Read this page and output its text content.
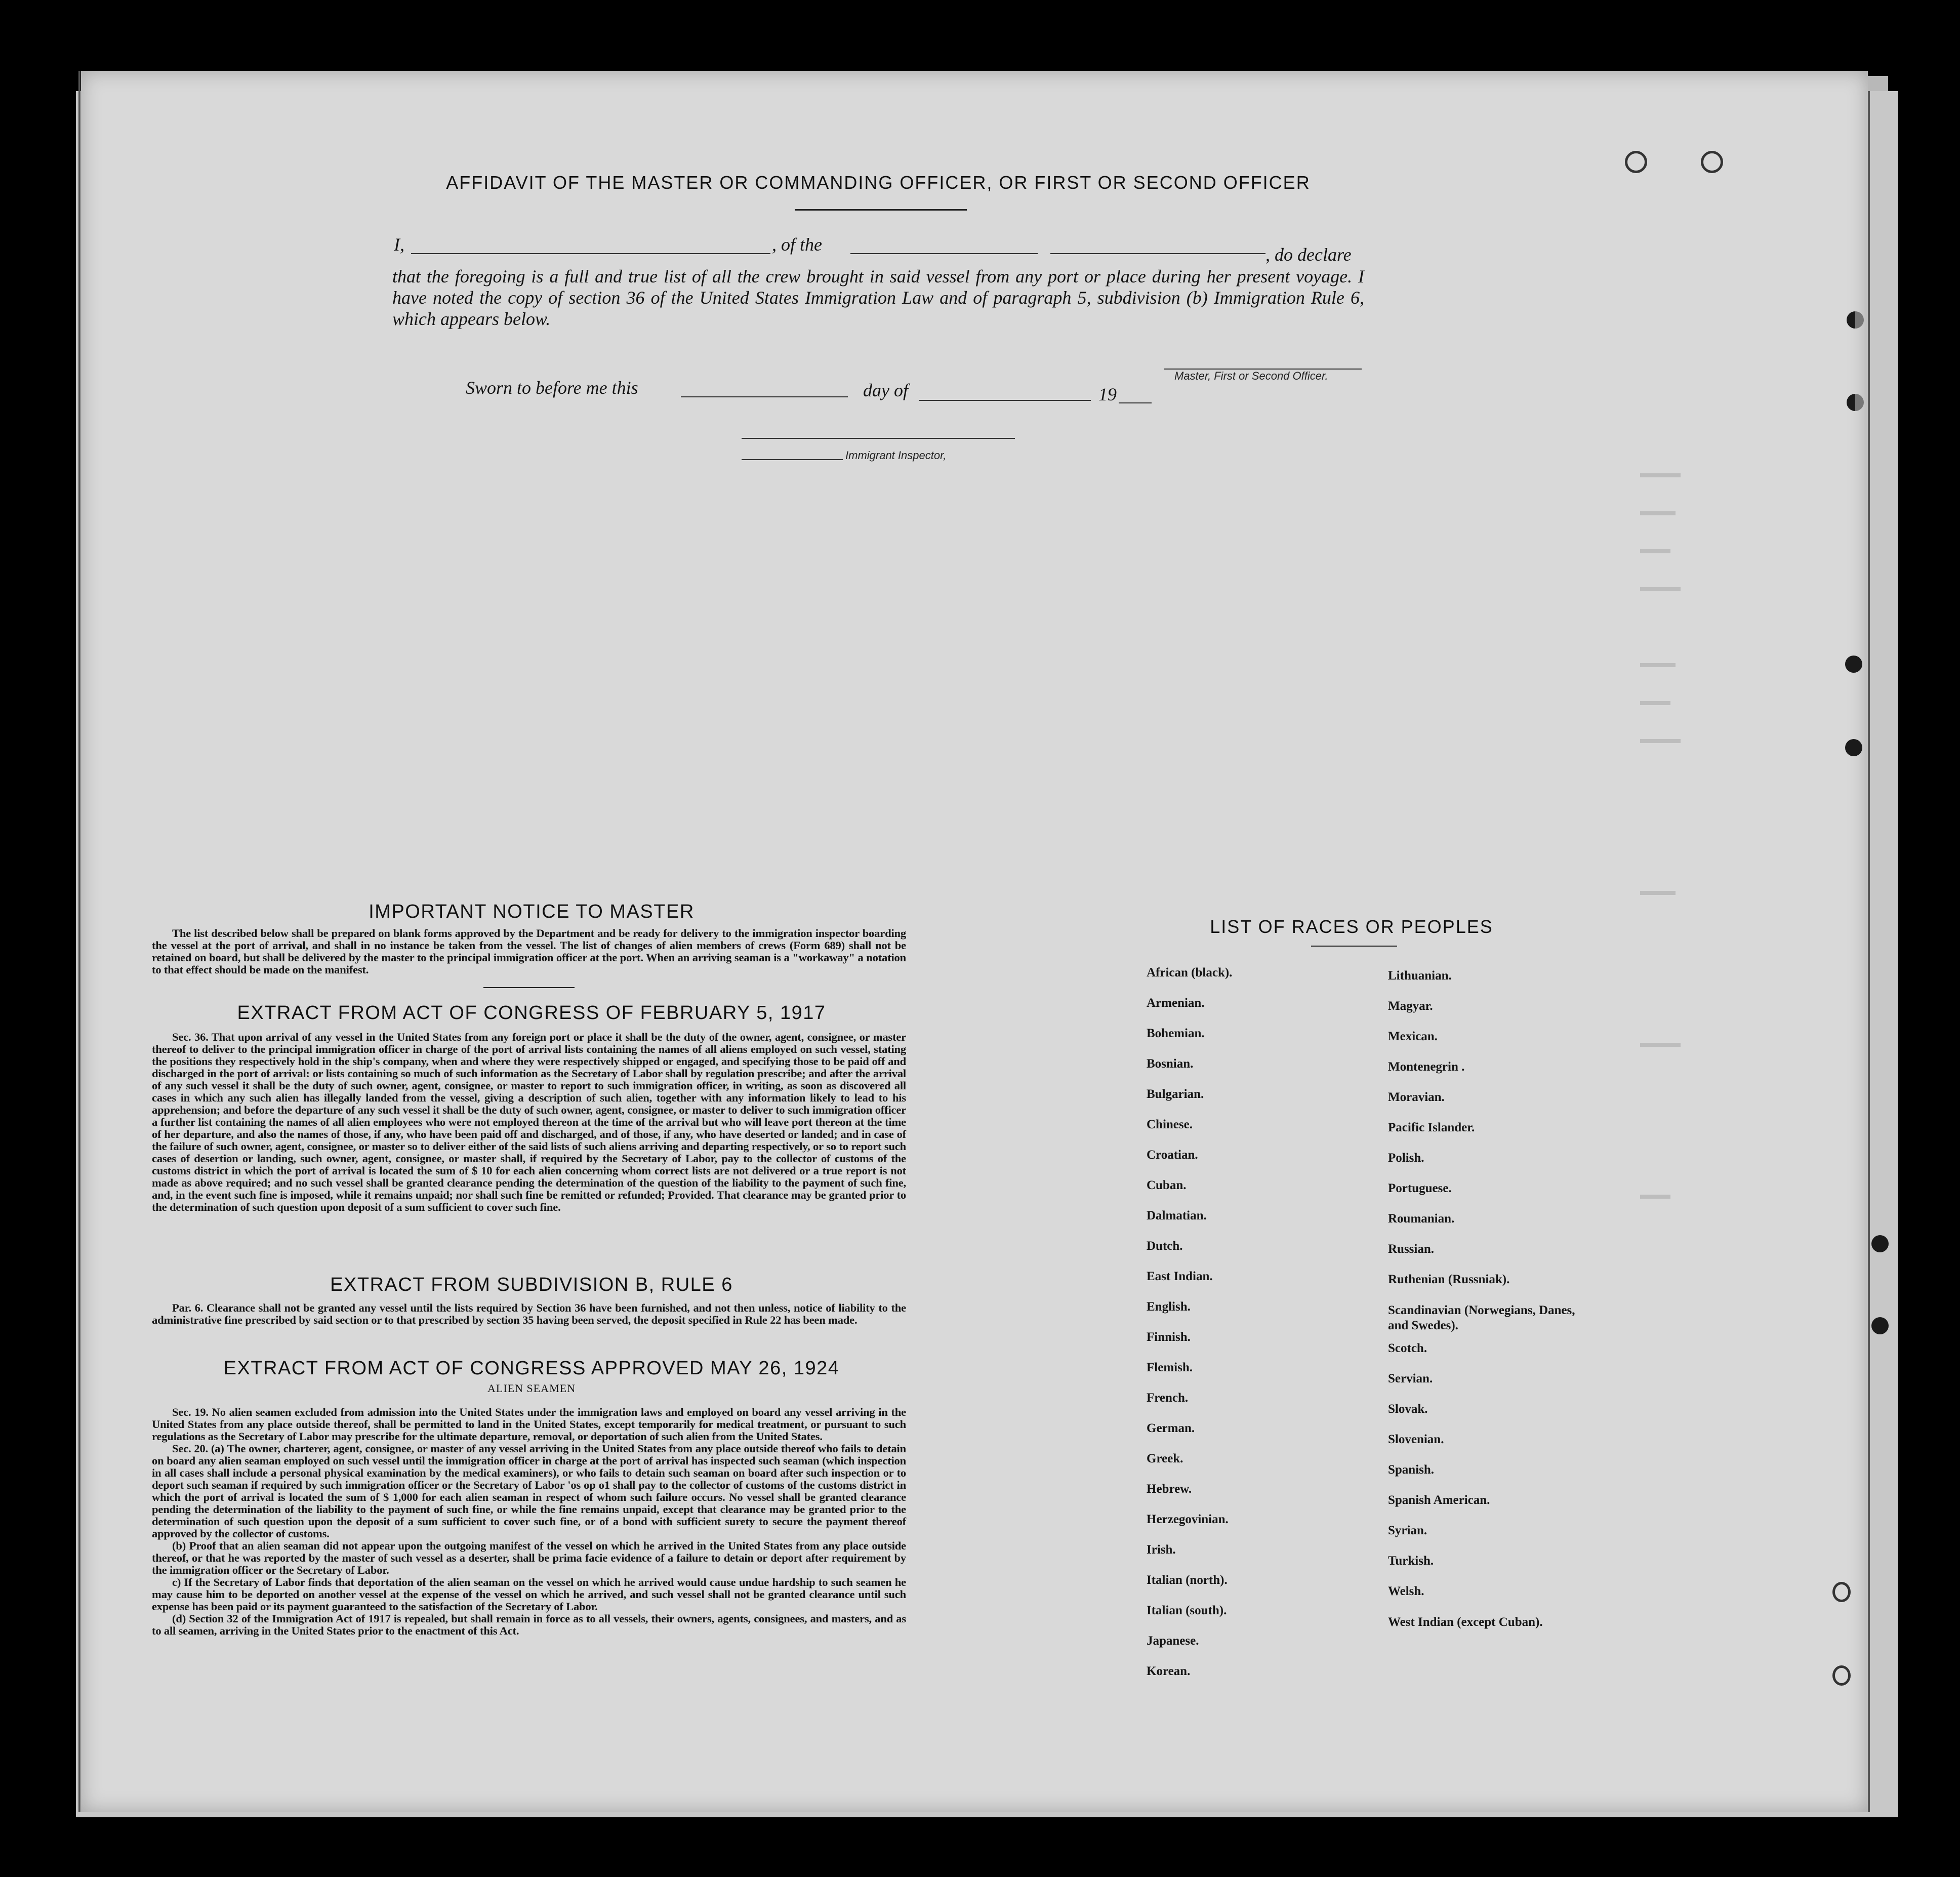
AFFIDAVIT OF THE MASTER OR COMMANDING OFFICER, OR FIRST OR SECOND OFFICER
I,	, of the	, do declare
that the foregoing is a full and true list of all the crew brought in said vessel from any port or place during her present voyage. I have noted the copy of section 36 of the United States Immigration Law and of paragraph 5, subdivision (b) Immigration Rule 6, which appears below.
Master, First or Second Officer.
Sworn to before me this	day of	19
Immigrant Inspector,
IMPORTANT NOTICE TO MASTER

The list described below shall be prepared on blank forms approved by the Department and be ready for delivery to the immigration inspector boarding the vessel at the port of arrival, and shall in no instance be taken from the vessel. The list of changes of alien members of crews (Form 689) shall not be retained on board, but shall be delivered by the master to the principal immigration officer at the port. When an arriving seaman is a "workaway" a notation to that effect should be made on the manifest.

EXTRACT FROM ACT OF CONGRESS OF FEBRUARY 5, 1917

Sec. 36. That upon arrival of any vessel in the United States from any foreign port or place it shall be the duty of the owner, agent, consignee, or master thereof to deliver to the principal immigration officer in charge of the port of arrival lists containing the names of all aliens employed on such vessel, stating the positions they respectively hold in the ship's company, when and where they were respectively shipped or engaged, and specifying those to be paid off and discharged in the port of arrival: or lists containing so much of such information as the Secretary of Labor shall by regulation prescribe; and after the arrival of any such vessel it shall be the duty of such owner, agent, consignee, or master to report to such immigration officer, in writing, as soon as discovered all cases in which any such alien has illegally landed from the vessel, giving a description of such alien, together with any information likely to lead to his apprehension; and before the departure of any such vessel it shall be the duty of such owner, agent, consignee, or master to deliver to such immigration officer a further list containing the names of all alien employees who were not employed thereon at the time of the arrival but who will leave port thereon at the time of her departure, and also the names of those, if any, who have been paid off and discharged, and of those, if any, who have deserted or landed; and in case of the failure of such owner, agent, consignee, or master so to deliver either of the said lists of such aliens arriving and departing respectively, or so to report such cases of desertion or landing, such owner, agent, consignee, or master shall, if required by the Secretary of Labor, pay to the collector of customs of the customs district in which the port of arrival is located the sum of $ 10 for each alien concerning whom correct lists are not delivered or a true report is not made as above required; and no such vessel shall be granted clearance pending the determination of the question of the liability to the payment of such fine, and, in the event such fine is imposed, while it remains unpaid; nor shall such fine be remitted or refunded; Provided. That clearance may be granted prior to the determination of such question upon deposit of a sum sufficient to cover such fine.

EXTRACT FROM SUBDIVISION B, RULE 6

Par. 6. Clearance shall not be granted any vessel until the lists required by Section 36 have been furnished, and not then unless, notice of liability to the administrative fine prescribed by said section or to that prescribed by section 35 having been served, the deposit specified in Rule 22 has been made.

EXTRACT FROM ACT OF CONGRESS APPROVED MAY 26, 1924
ALIEN SEAMEN

Sec. 19. No alien seamen excluded from admission into the United States under the immigration laws and employed on board any vessel arriving in the United States from any place outside thereof, shall be permitted to land in the United States, except temporarily for medical treatment, or pursuant to such regulations as the Secretary of Labor may prescribe for the ultimate departure, removal, or deportation of such alien from the United States.

Sec. 20. (a) The owner, charterer, agent, consignee, or master of any vessel arriving in the United States from any place outside thereof who fails to detain on board any alien seaman employed on such vessel until the immigration officer in charge at the port of arrival has inspected such seaman (which inspection in all cases shall include a personal physical examination by the medical examiners), or who fails to detain such seaman on board after such inspection or to deport such seaman if required by such immigration officer or the Secretary of Labor 'os op o1 shall pay to the collector of customs of the customs district in which the port of arrival is located the sum of $ 1,000 for each alien seaman in respect of whom such failure occurs. No vessel shall be granted clearance pending the determination of the liability to the payment of such fine, or while the fine remains unpaid, except that clearance may be granted prior to the determination of such question upon the deposit of a sum sufficient to cover such fine, or of a bond with sufficient surety to secure the payment thereof approved by the collector of customs.

(b) Proof that an alien seaman did not appear upon the outgoing manifest of the vessel on which he arrived in the United States from any place outside thereof, or that he was reported by the master of such vessel as a deserter, shall be prima facie evidence of a failure to detain or deport after requirement by the immigration officer or the Secretary of Labor.

c) If the Secretary of Labor finds that deportation of the alien seaman on the vessel on which he arrived would cause undue hardship to such seamen he may cause him to be deported on another vessel at the expense of the vessel on which he arrived, and such vessel shall not be granted clearance until such expense has been paid or its payment guaranteed to the satisfaction of the Secretary of Labor.

(d) Section 32 of the Immigration Act of 1917 is repealed, but shall remain in force as to all vessels, their owners, agents, consignees, and masters, and as to all seamen, arriving in the United States prior to the enactment of this Act.

LIST OF RACES OR PEOPLES
African (black).
Armenian.
Bohemian.
Bosnian.
Bulgarian.
Chinese.
Croatian.
Cuban.
Dalmatian.
Dutch.
East Indian.
English.
Finnish.
Flemish.
French.
German.
Greek.
Hebrew.
Herzegovinian.
Irish.
Italian (north).
Italian (south).
Japanese.
Korean.
Lithuanian.
Magyar.
Mexican.
Montenegrin .
Moravian.
Pacific Islander.
Polish.
Portuguese.
Roumanian.
Russian.
Ruthenian (Russniak).
Scandinavian (Norwegians, Danes, and Swedes).
Scotch.
Servian.
Slovak.
Slovenian.
Spanish.
Spanish American.
Syrian.
Turkish.
Welsh.
West Indian (except Cuban).
